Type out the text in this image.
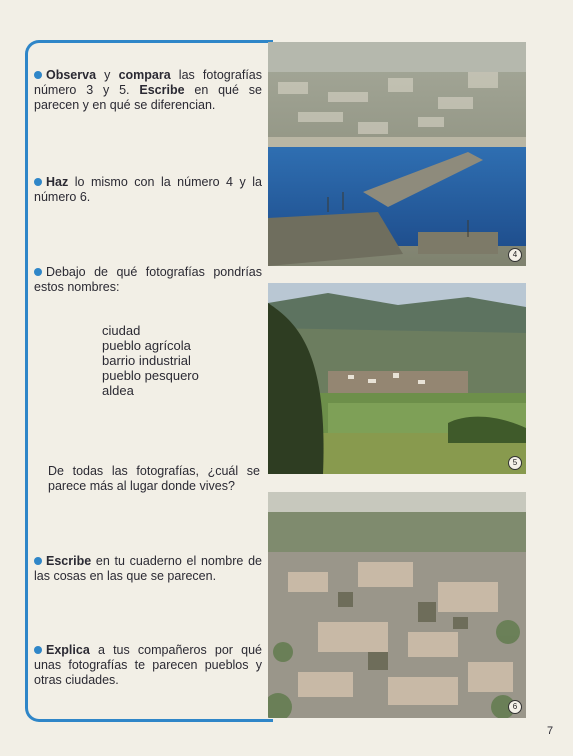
Observa y compara las fotografías número 3 y 5. Escribe en qué se parecen y en qué se diferencian.
Haz lo mismo con la número 4 y la número 6.
Debajo de qué fotografías pondrías estos nombres:
ciudad
pueblo agrícola
barrio industrial
pueblo pesquero
aldea
De todas las fotografías, ¿cuál se parece más al lugar donde vives?
Escribe en tu cuaderno el nombre de las cosas en las que se parecen.
Explica a tus compañeros por qué unas fotografías te parecen pueblos y otras ciudades.
4
5
6
7
